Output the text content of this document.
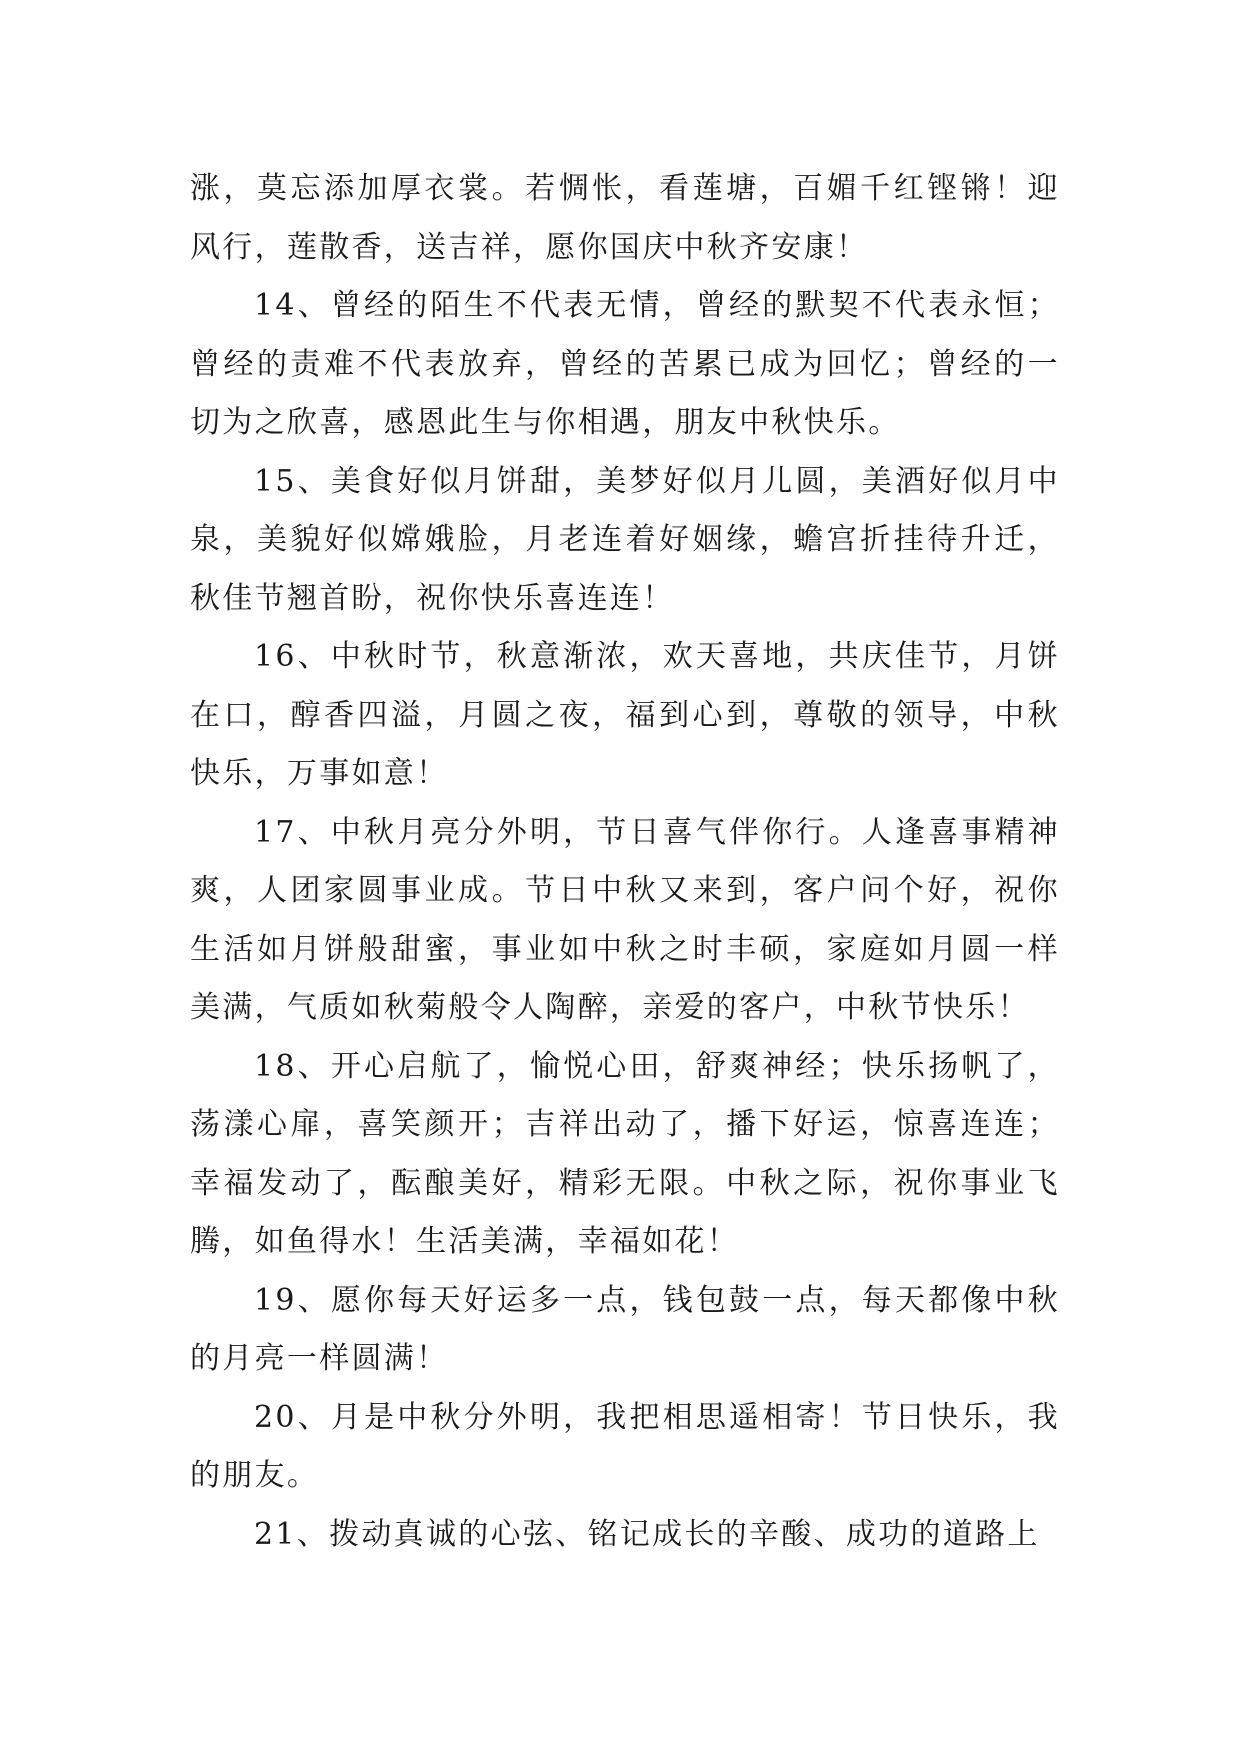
涨，莫忘添加厚衣裳。若惆怅，看莲塘，百媚千红铿锵！迎风行，莲散香，送吉祥，愿你国庆中秋齐安康！

14、曾经的陌生不代表无情，曾经的默契不代表永恒；曾经的责难不代表放弃，曾经的苦累已成为回忆；曾经的一切为之欣喜，感恩此生与你相遇，朋友中秋快乐。

15、美食好似月饼甜，美梦好似月儿圆，美酒好似月中泉，美貌好似嫦娥脸，月老连着好姻缘，蟾宫折挂待升迁，秋佳节翘首盼，祝你快乐喜连连！

16、中秋时节，秋意渐浓，欢天喜地，共庆佳节，月饼在口，醇香四溢，月圆之夜，福到心到，尊敬的领导，中秋快乐，万事如意！

17、中秋月亮分外明，节日喜气伴你行。人逢喜事精神爽，人团家圆事业成。节日中秋又来到，客户问个好，祝你生活如月饼般甜蜜，事业如中秋之时丰硕，家庭如月圆一样美满，气质如秋菊般令人陶醉，亲爱的客户，中秋节快乐！

18、开心启航了，愉悦心田，舒爽神经；快乐扬帆了，荡漾心扉，喜笑颜开；吉祥出动了，播下好运，惊喜连连；幸福发动了，酝酿美好，精彩无限。中秋之际，祝你事业飞腾，如鱼得水！生活美满，幸福如花！

19、愿你每天好运多一点，钱包鼓一点，每天都像中秋的月亮一样圆满！

20、月是中秋分外明，我把相思遥相寄！节日快乐，我的朋友。

21、拨动真诚的心弦、铭记成长的辛酸、成功的道路上
